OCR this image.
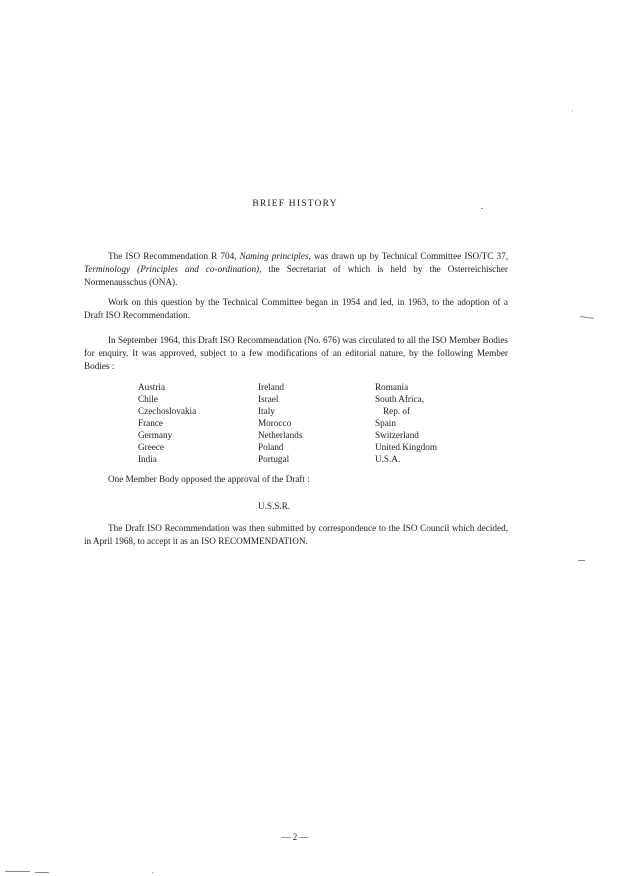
BRIEF HISTORY

The ISO Recommendation R 704, Naming principles, was drawn up by Technical Committee ISO/TC 37, Terminology (Principles and co-ordination), the Secretariat of which is held by the Osterreichischer Normenausschus (ONA).

Work on this question by the Technical Committee began in 1954 and led, in 1963, to the adoption of a Draft ISO Recommendation.

In September 1964, this Draft ISO Recommendation (No. 676) was circulated to all the ISO Member Bodies for enquiry. It was approved, subject to a few modifications of an editorial nature, by the following Member Bodies :

Austria
Chile
Czechoslovakia
France
Germany
Greece
India
Ireland
Israel
Italy
Morocco
Netherlands
Poland
Portugal
Romania
South Africa,
Rep. of
Spain
Switzerland
United Kingdom
U.S.A.

One Member Body opposed the approval of the Draft :

U.S.S.R.

The Draft ISO Recommendation was then submitted by correspondence to the ISO Council which decided, in April 1968, to accept it as an ISO RECOMMENDATION.

— 2 —
